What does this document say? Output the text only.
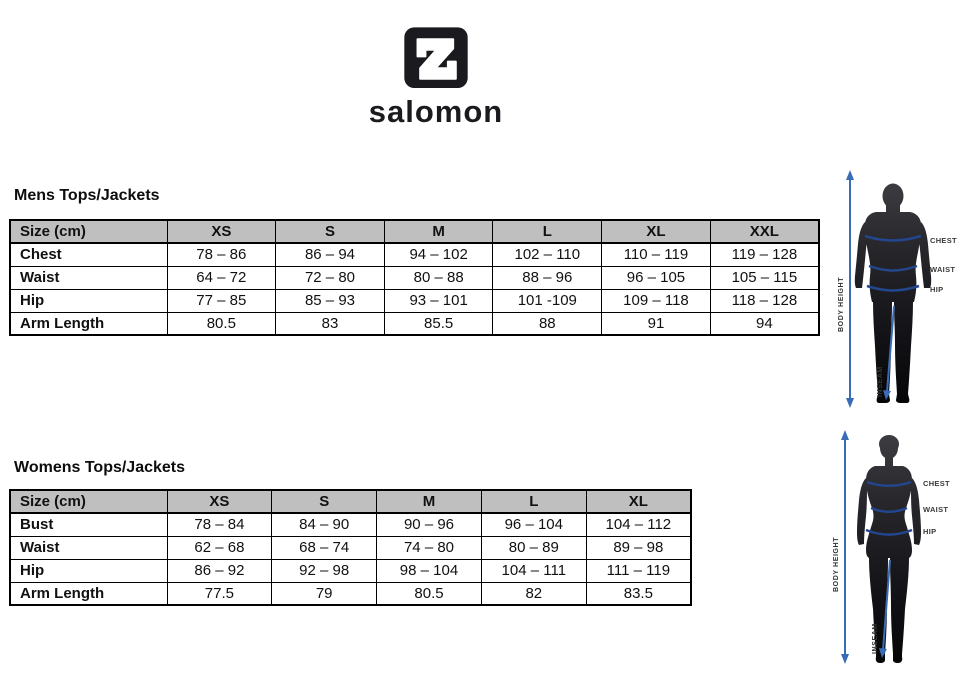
salomon
Mens Tops/Jackets
Size (cm)	XS	S	M	L	XL	XXL
Chest	78 – 86	86 – 94	94 – 102	102 – 110	110 – 119	119 – 128
Waist	64 – 72	72 – 80	80 – 88	88 – 96	96 – 105	105 – 115
Hip	77 – 85	85 – 93	93 – 101	101 -109	109 – 118	118 – 128
Arm Length	80.5	83	85.5	88	91	94
Womens Tops/Jackets
Size (cm)	XS	S	M	L	XL
Bust	78 – 84	84 – 90	90 – 96	96 – 104	104 – 112
Waist	62 – 68	68 – 74	74 – 80	80 – 89	89 – 98
Hip	86 – 92	92 – 98	98 – 104	104 – 111	111 – 119
Arm Length	77.5	79	80.5	82	83.5
BODY HEIGHT
INSEAM
CHEST
WAIST
HIP
BODY HEIGHT
INSEAM
CHEST
WAIST
HIP
